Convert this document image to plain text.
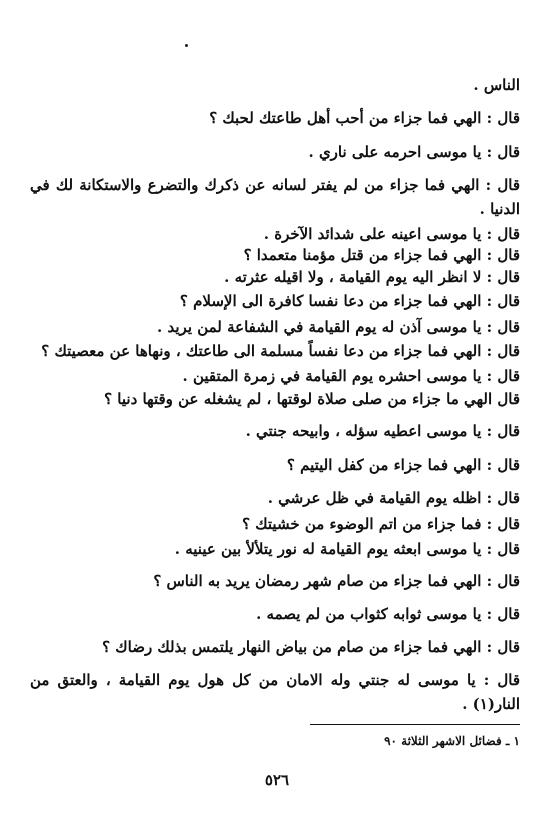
الناس .
قال : الهي فما جزاء من أحب أهل طاعتك لحبك ؟
قال : يا موسى احرمه على ناري .
قال : الهي فما جزاء من لم يفتر لسانه عن ذكرك والتضرع والاستكانة لك في
الدنيا .
قال : يا موسى اعينه على شدائد الآخرة .
قال : الهي فما جزاء من قتل مؤمنا متعمدا ؟
قال : لا انظر اليه يوم القيامة ، ولا اقيله عثرته .
قال : الهي فما جزاء من دعا نفسا كافرة الى الإسلام ؟
قال : يا موسى آذن له يوم القيامة في الشفاعة لمن يريد .
قال : الهي فما جزاء من دعا نفساً مسلمة الى طاعتك ، ونهاها عن معصيتك ؟
قال : يا موسى احشره يوم القيامة في زمرة المتقين .
قال الهي ما جزاء من صلى صلاة لوقتها ، لم يشغله عن وقتها دنيا ؟
قال : يا موسى اعطيه سؤله ، وابيحه جنتي .
قال : الهي فما جزاء من كفل اليتيم ؟
قال : اظله يوم القيامة في ظل عرشي .
قال : فما جزاء من اتم الوضوء من خشيتك ؟
قال : يا موسى ابعثه يوم القيامة له نور يتلألأ بين عينيه .
قال : الهي فما جزاء من صام شهر رمضان يريد به الناس ؟
قال : يا موسى ثوابه كثواب من لم يصمه .
قال : الهي فما جزاء من صام من بياض النهار يلتمس بذلك رضاك ؟
قال : يا موسى له جنتي وله الامان من كل هول يوم القيامة ، والعتق من
النار(١) .
١ ـ فضائل الاشهر الثلاثة ٩٠
٥٢٦
